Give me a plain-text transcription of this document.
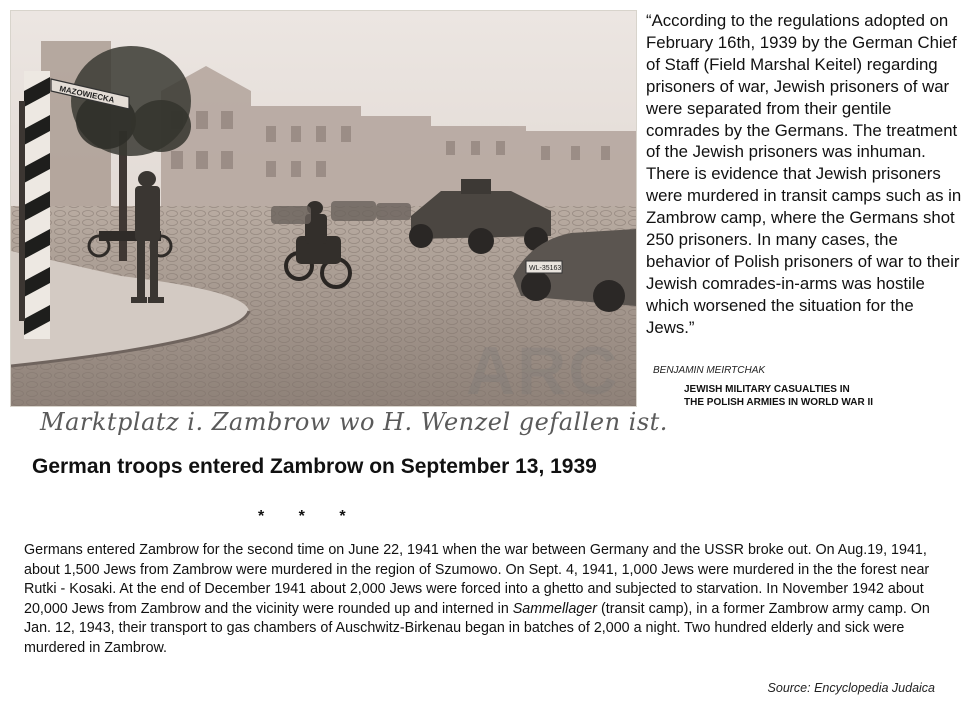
MAZOWIECKA
WL-35163
ARC
Marktplatz i. Zambrow wo H. Wenzel gefallen ist.
German troops entered Zambrow on September 13, 1939
“According to the regulations adopted on February 16th, 1939 by the German Chief of Staff (Field Marshal Keitel) regarding prisoners of war, Jewish prisoners of war were separated from their gentile comrades by the Germans. The treatment of the Jewish prisoners was inhuman. There is evidence that Jewish prisoners were murdered in transit camps such as in Zambrow camp, where the Germans shot 250 prisoners. In many cases, the behavior of Polish prisoners of war to their Jewish comrades-in-arms was hostile which worsened the situation for the Jews.”
BENJAMIN MEIRTCHAK
JEWISH MILITARY CASUALTIES IN
THE POLISH ARMIES IN WORLD WAR II
* * *
Germans entered Zambrow for the second time on June 22, 1941 when the war between Germany and the USSR broke out. On Aug.19, 1941, about 1,500 Jews from Zambrow were murdered in the region of Szumowo. On Sept. 4, 1941, 1,000 Jews were murdered in the the forest near Rutki - Kosaki. At the end of December 1941 about 2,000 Jews were forced into a ghetto and subjected to starvation. In November 1942 about 20,000 Jews from Zambrow and the vicinity were rounded up and interned in Sammellager (transit camp), in a former Zambrow army camp. On Jan. 12, 1943, their transport to gas chambers of Auschwitz-Birkenau began in batches of 2,000 a night. Two hundred elderly and sick were murdered in Zambrow.
Source: Encyclopedia Judaica
